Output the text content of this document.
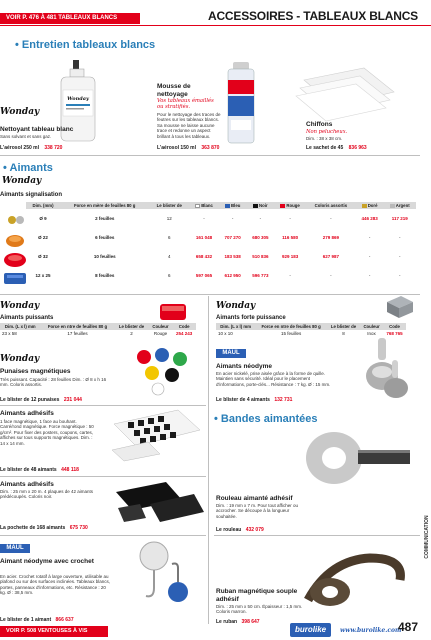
VOIR P. 476 À 481 TABLEAUX BLANCS	ACCESSOIRES - TABLEAUX BLANCS
• Entretien tableaux blancs
Wonday
Wonday
Nettoyant tableau blanc
Sans solvant et sans gaz.
L'aérosol 250 ml 338 720
Mousse de nettoyage
Vos tableaux émaillés ou stratifiés.
Pour le nettoyage des traces de feutres sur les tableaux blancs. Sa mousse ne laisse aucune trace et redonne un aspect brillant à tous les tableaux.
L'aérosol 150 ml 363 870
Chiffons
Non pelucheux.
Dim. : 38 x 38 cm.
Le sachet de 45 836 963
• Aimants
Wonday
Aimants signalisation
Dim. (mm)	Force en mère de feuilles 80 g	Le blister de	Blanc	Bleu	Noir	Rouge	Coloris assortis	Doré	Argent
Ø 9	2 feuilles	12	-	-	-	-	-	446 283	117 219
Ø 22	6 feuilles	6	161 048	707 270	680 305	116 580	279 869	-	-
Ø 32	10 feuilles	4	658 432	183 538	510 836	929 183	627 987	-	-
12 x 25	8 feuilles	6	597 065	612 950	596 773	-	-	-	-
Wonday
Aimants puissants
Dim. (L x l) mm	Force en ntre de feuilles 80 g	Le blister de	Couleur	Code
23 x 58	17 feuilles	2	Rouge	254 243
Wonday
Aimants forte puissance
Dim. (L x l) mm	Force en ntre de feuilles 80 g	Le blister de	Couleur	Code
10 x 10	15 feuilles	8	Inox	768 765
Wonday
Punaises magnétiques
Très puissant. Capacité : 28 feuilles Dim. : Ø 8 x h 16 mm. Coloris assortis.
Le blister de 12 punaises 231 044
MAUL
Aimants néodyme
En acier nickelé, prise aisée grâce à la forme de quille. Maintien sans sécurité. Idéal pour le placement d'informations, porte-clés... Résistance : 7 kg. Ø : 15 mm.
Le blister de 4 aimants 132 731
Aimants adhésifs
1 face magnétique, 1 face au bouhant. Carré/rond magnétique. Force magnétique : 50 g/cm². Pour fixer des posters, coupons, cartes, affiches sur tous supports magnétiques. Dim. : 14 x 14 mm.
Le blister de 48 aimants 448 118
Aimants adhésifs
Dim. : 25 mm x 20 m. 4 plaques de 42 aimants prédécoupés. Coloris noir.
La pochette de 168 aimants 675 730
MAUL
Aimant néodyme avec crochet
En acier. Crochet rotatif à large ouverture, utilisable au plafond ou sur des surfaces inclinées. Tableaux blancs, portes, panneaux d'informations, etc. Résistance : 20 kg. Ø : 38,5 mm.
Le blister de 1 aimant 866 637
• Bandes aimantées
Rouleau aimanté adhésif
Dim. : 19 mm x 7 m. Pour tout afficher ou accrocher. Se découpe à la longueur souhaitée.
Le rouleau 432 079
Ruban magnétique souple adhésif
Dim. : 25 mm x 50 cm. Épaisseur : 1,5 mm. Coloris marron.
Le ruban 398 647
COMMUNICATION
VOIR P. 508 VENTOUSES À VIS	burolike	www.burolike.com
487
